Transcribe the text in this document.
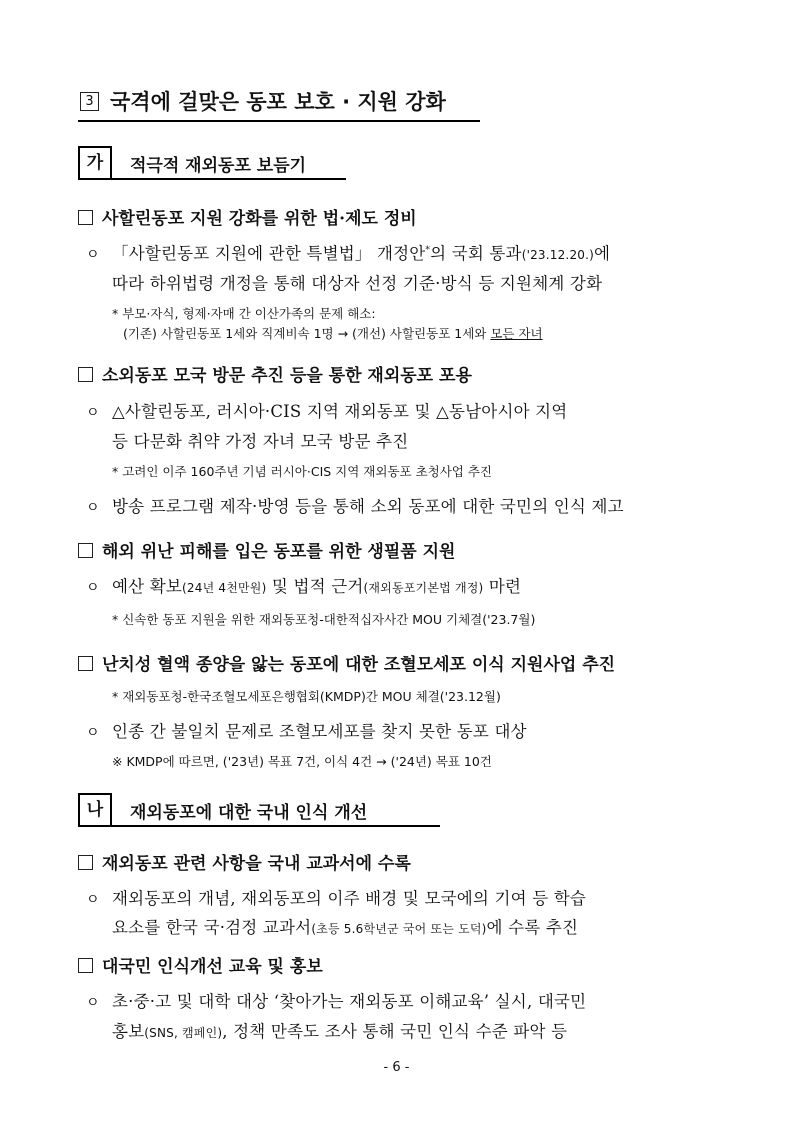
3 국격에 걸맞은 동포 보호 · 지원 강화
가	적극적 재외동포 보듬기
사할린동포 지원 강화를 위한 법·제도 정비
ㅇ 「사할린동포 지원에 관한 특별법」 개정안*의 국회 통과('23.12.20.)에
따라 하위법령 개정을 통해 대상자 선정 기준·방식 등 지원체계 강화
* 부모·자식, 형제·자매 간 이산가족의 문제 해소:
(기존) 사할린동포 1세와 직계비속 1명 → (개선) 사할린동포 1세와 모든 자녀
소외동포 모국 방문 추진 등을 통한 재외동포 포용
ㅇ △사할린동포, 러시아·CIS 지역 재외동포 및 △동남아시아 지역
등 다문화 취약 가정 자녀 모국 방문 추진
* 고려인 이주 160주년 기념 러시아·CIS 지역 재외동포 초청사업 추진
ㅇ 방송 프로그램 제작·방영 등을 통해 소외 동포에 대한 국민의 인식 제고
해외 위난 피해를 입은 동포를 위한 생필품 지원
ㅇ 예산 확보(24년 4천만원) 및 법적 근거(재외동포기본법 개정) 마련
* 신속한 동포 지원을 위한 재외동포청-대한적십자사간 MOU 기체결('23.7월)
난치성 혈액 종양을 앓는 동포에 대한 조혈모세포 이식 지원사업 추진
* 재외동포청-한국조혈모세포은행협회(KMDP)간 MOU 체결('23.12월)
ㅇ 인종 간 불일치 문제로 조혈모세포를 찾지 못한 동포 대상
※ KMDP에 따르면, ('23년) 목표 7건, 이식 4건 → ('24년) 목표 10건
나	재외동포에 대한 국내 인식 개선
재외동포 관련 사항을 국내 교과서에 수록
ㅇ 재외동포의 개념, 재외동포의 이주 배경 및 모국에의 기여 등 학습
요소를 한국 국·검정 교과서(초등 5.6학년군 국어 또는 도덕)에 수록 추진
대국민 인식개선 교육 및 홍보
ㅇ 초·중·고 및 대학 대상 ‘찾아가는 재외동포 이해교육’ 실시, 대국민
홍보(SNS, 캠페인), 정책 만족도 조사 통해 국민 인식 수준 파악 등
- 6 -
